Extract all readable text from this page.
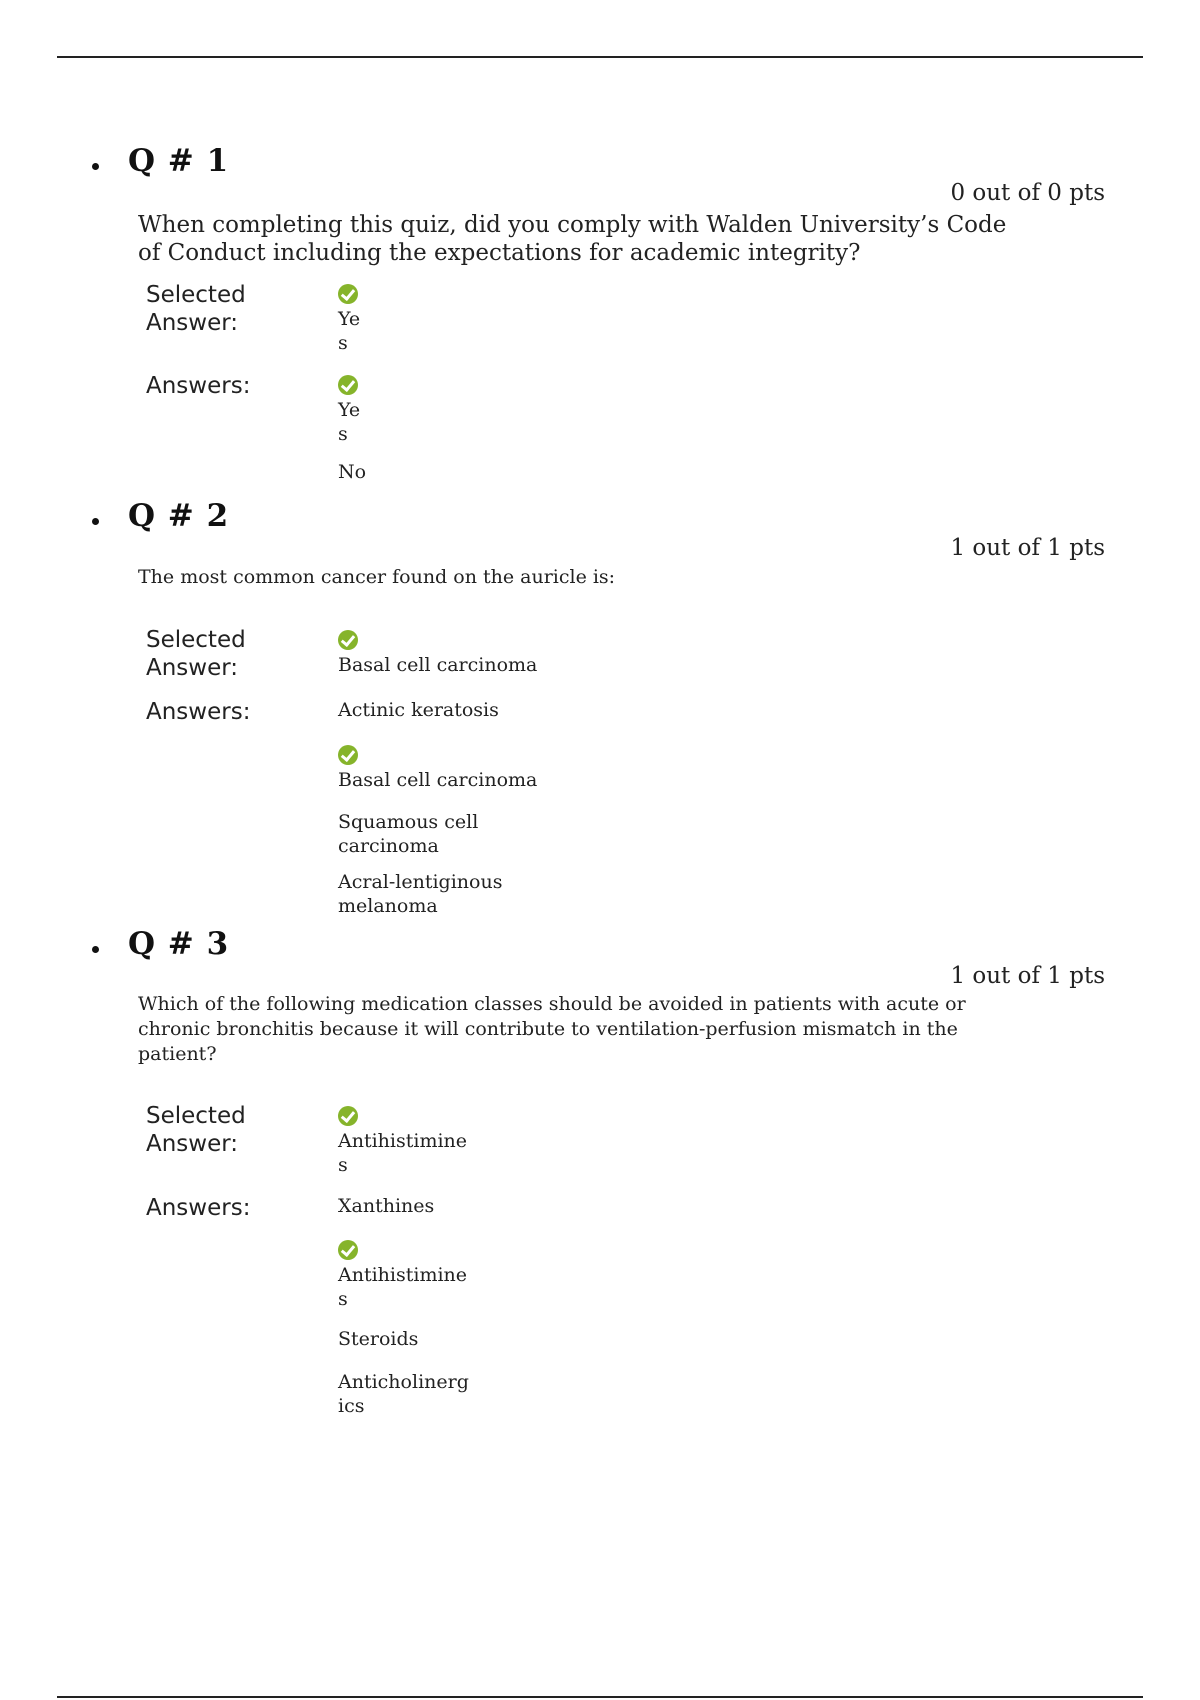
Q # 1
0 out of 0 pts
When completing this quiz, did you comply with Walden University’s Code of Conduct including the expectations for academic integrity?
Selected Answer:	Ye s
Answers:
Ye s
No
Q # 2
1 out of 1 pts
The most common cancer found on the auricle is:
Selected Answer:	Basal cell carcinoma
Answers:	Actinic keratosis
Basal cell carcinoma
Squamous cell carcinoma
Acral-lentiginous melanoma
Q # 3
1 out of 1 pts
Which of the following medication classes should be avoided in patients with acute or chronic bronchitis because it will contribute to ventilation-perfusion mismatch in the patient?
Selected Answer:	Antihistimine s
Answers:	Xanthines
Antihistimine s
Steroids
Anticholinerg ics
